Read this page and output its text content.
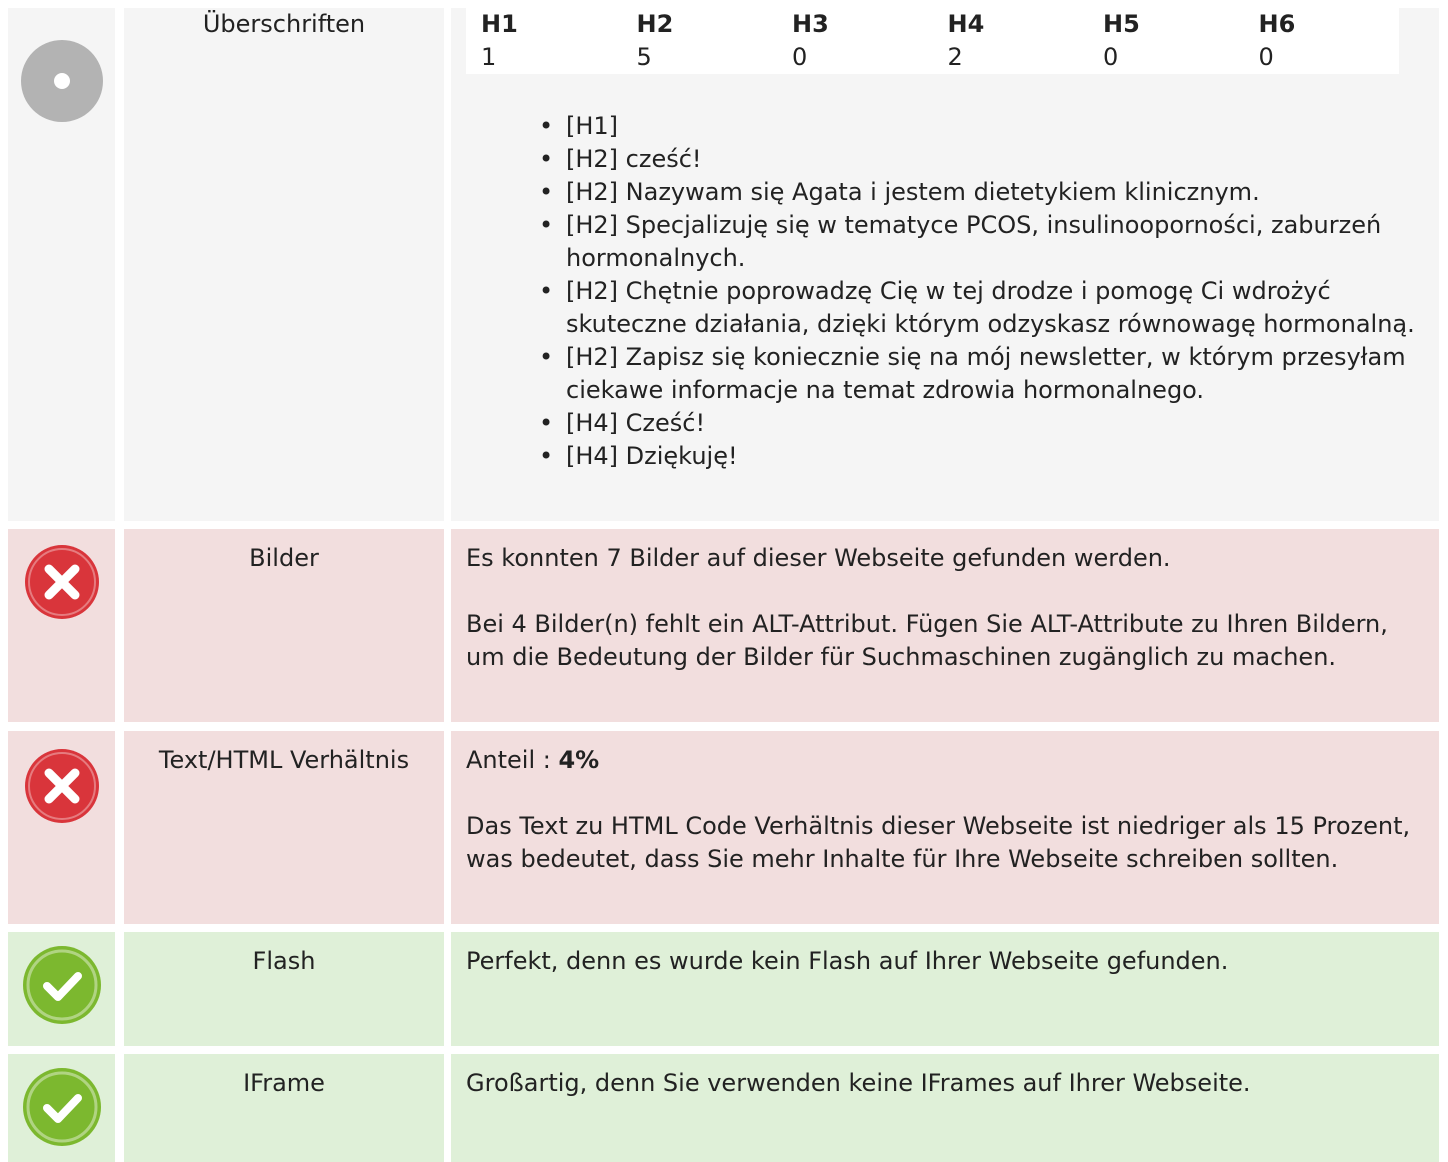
Überschriften	H1	H2	H3	H4	H5	H6
1	5	0	2	0	0
• [H1]
• [H2] cześć!
• [H2] Nazywam się Agata i jestem dietetykiem klinicznym.
• [H2] Specjalizuję się w tematyce PCOS, insulinooporności, zaburzeń hormonalnych.
• [H2] Chętnie poprowadzę Cię w tej drodze i pomogę Ci wdrożyć skuteczne działania, dzięki którym odzyskasz równowagę hormonalną.
• [H2] Zapisz się koniecznie się na mój newsletter, w którym przesyłam ciekawe informacje na temat zdrowia hormonalnego.
• [H4] Cześć!
• [H4] Dziękuję!
Bilder	Es konnten 7 Bilder auf dieser Webseite gefunden werden.

Bei 4 Bilder(n) fehlt ein ALT-Attribut. Fügen Sie ALT-Attribute zu Ihren Bildern, um die Bedeutung der Bilder für Suchmaschinen zugänglich zu machen.

Text/HTML Verhältnis	Anteil : 4%

Das Text zu HTML Code Verhältnis dieser Webseite ist niedriger als 15 Prozent, was bedeutet, dass Sie mehr Inhalte für Ihre Webseite schreiben sollten.

Flash	Perfekt, denn es wurde kein Flash auf Ihrer Webseite gefunden.

IFrame	Großartig, denn Sie verwenden keine IFrames auf Ihrer Webseite.
